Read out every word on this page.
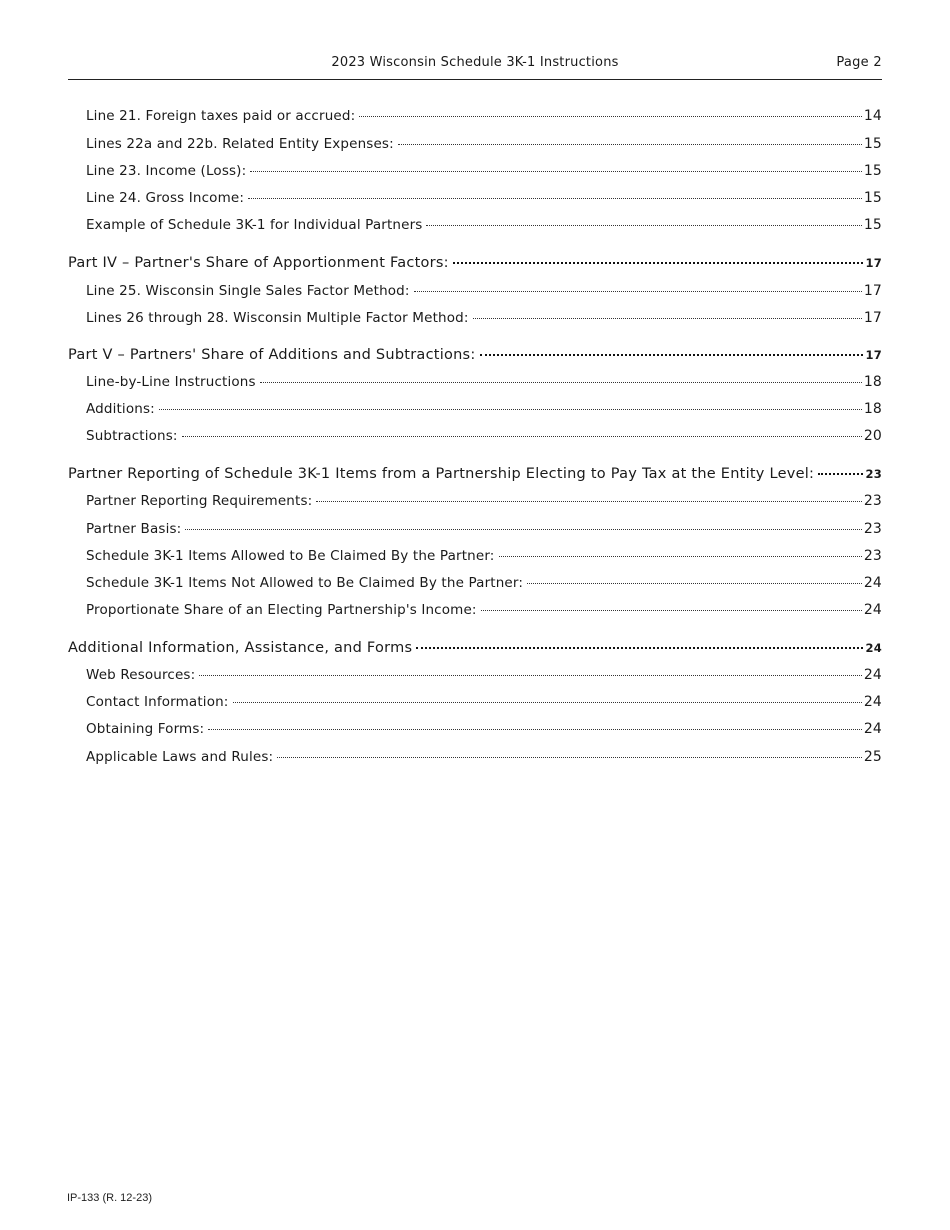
2023 Wisconsin Schedule 3K-1 Instructions	Page 2
Line 21. Foreign taxes paid or accrued:	14
Lines 22a and 22b. Related Entity Expenses:	15
Line 23. Income (Loss):	15
Line 24. Gross Income:	15
Example of Schedule 3K-1 for Individual Partners	15
Part IV – Partner's Share of Apportionment Factors:	17
Line 25. Wisconsin Single Sales Factor Method:	17
Lines 26 through 28. Wisconsin Multiple Factor Method:	17
Part V – Partners' Share of Additions and Subtractions:	17
Line-by-Line Instructions	18
Additions:	18
Subtractions:	20
Partner Reporting of Schedule 3K-1 Items from a Partnership Electing to Pay Tax at the Entity Level:	23
Partner Reporting Requirements:	23
Partner Basis:	23
Schedule 3K-1 Items Allowed to Be Claimed By the Partner:	23
Schedule 3K-1 Items Not Allowed to Be Claimed By the Partner:	24
Proportionate Share of an Electing Partnership's Income:	24
Additional Information, Assistance, and Forms	24
Web Resources:	24
Contact Information:	24
Obtaining Forms:	24
Applicable Laws and Rules:	25
IP-133 (R. 12-23)
